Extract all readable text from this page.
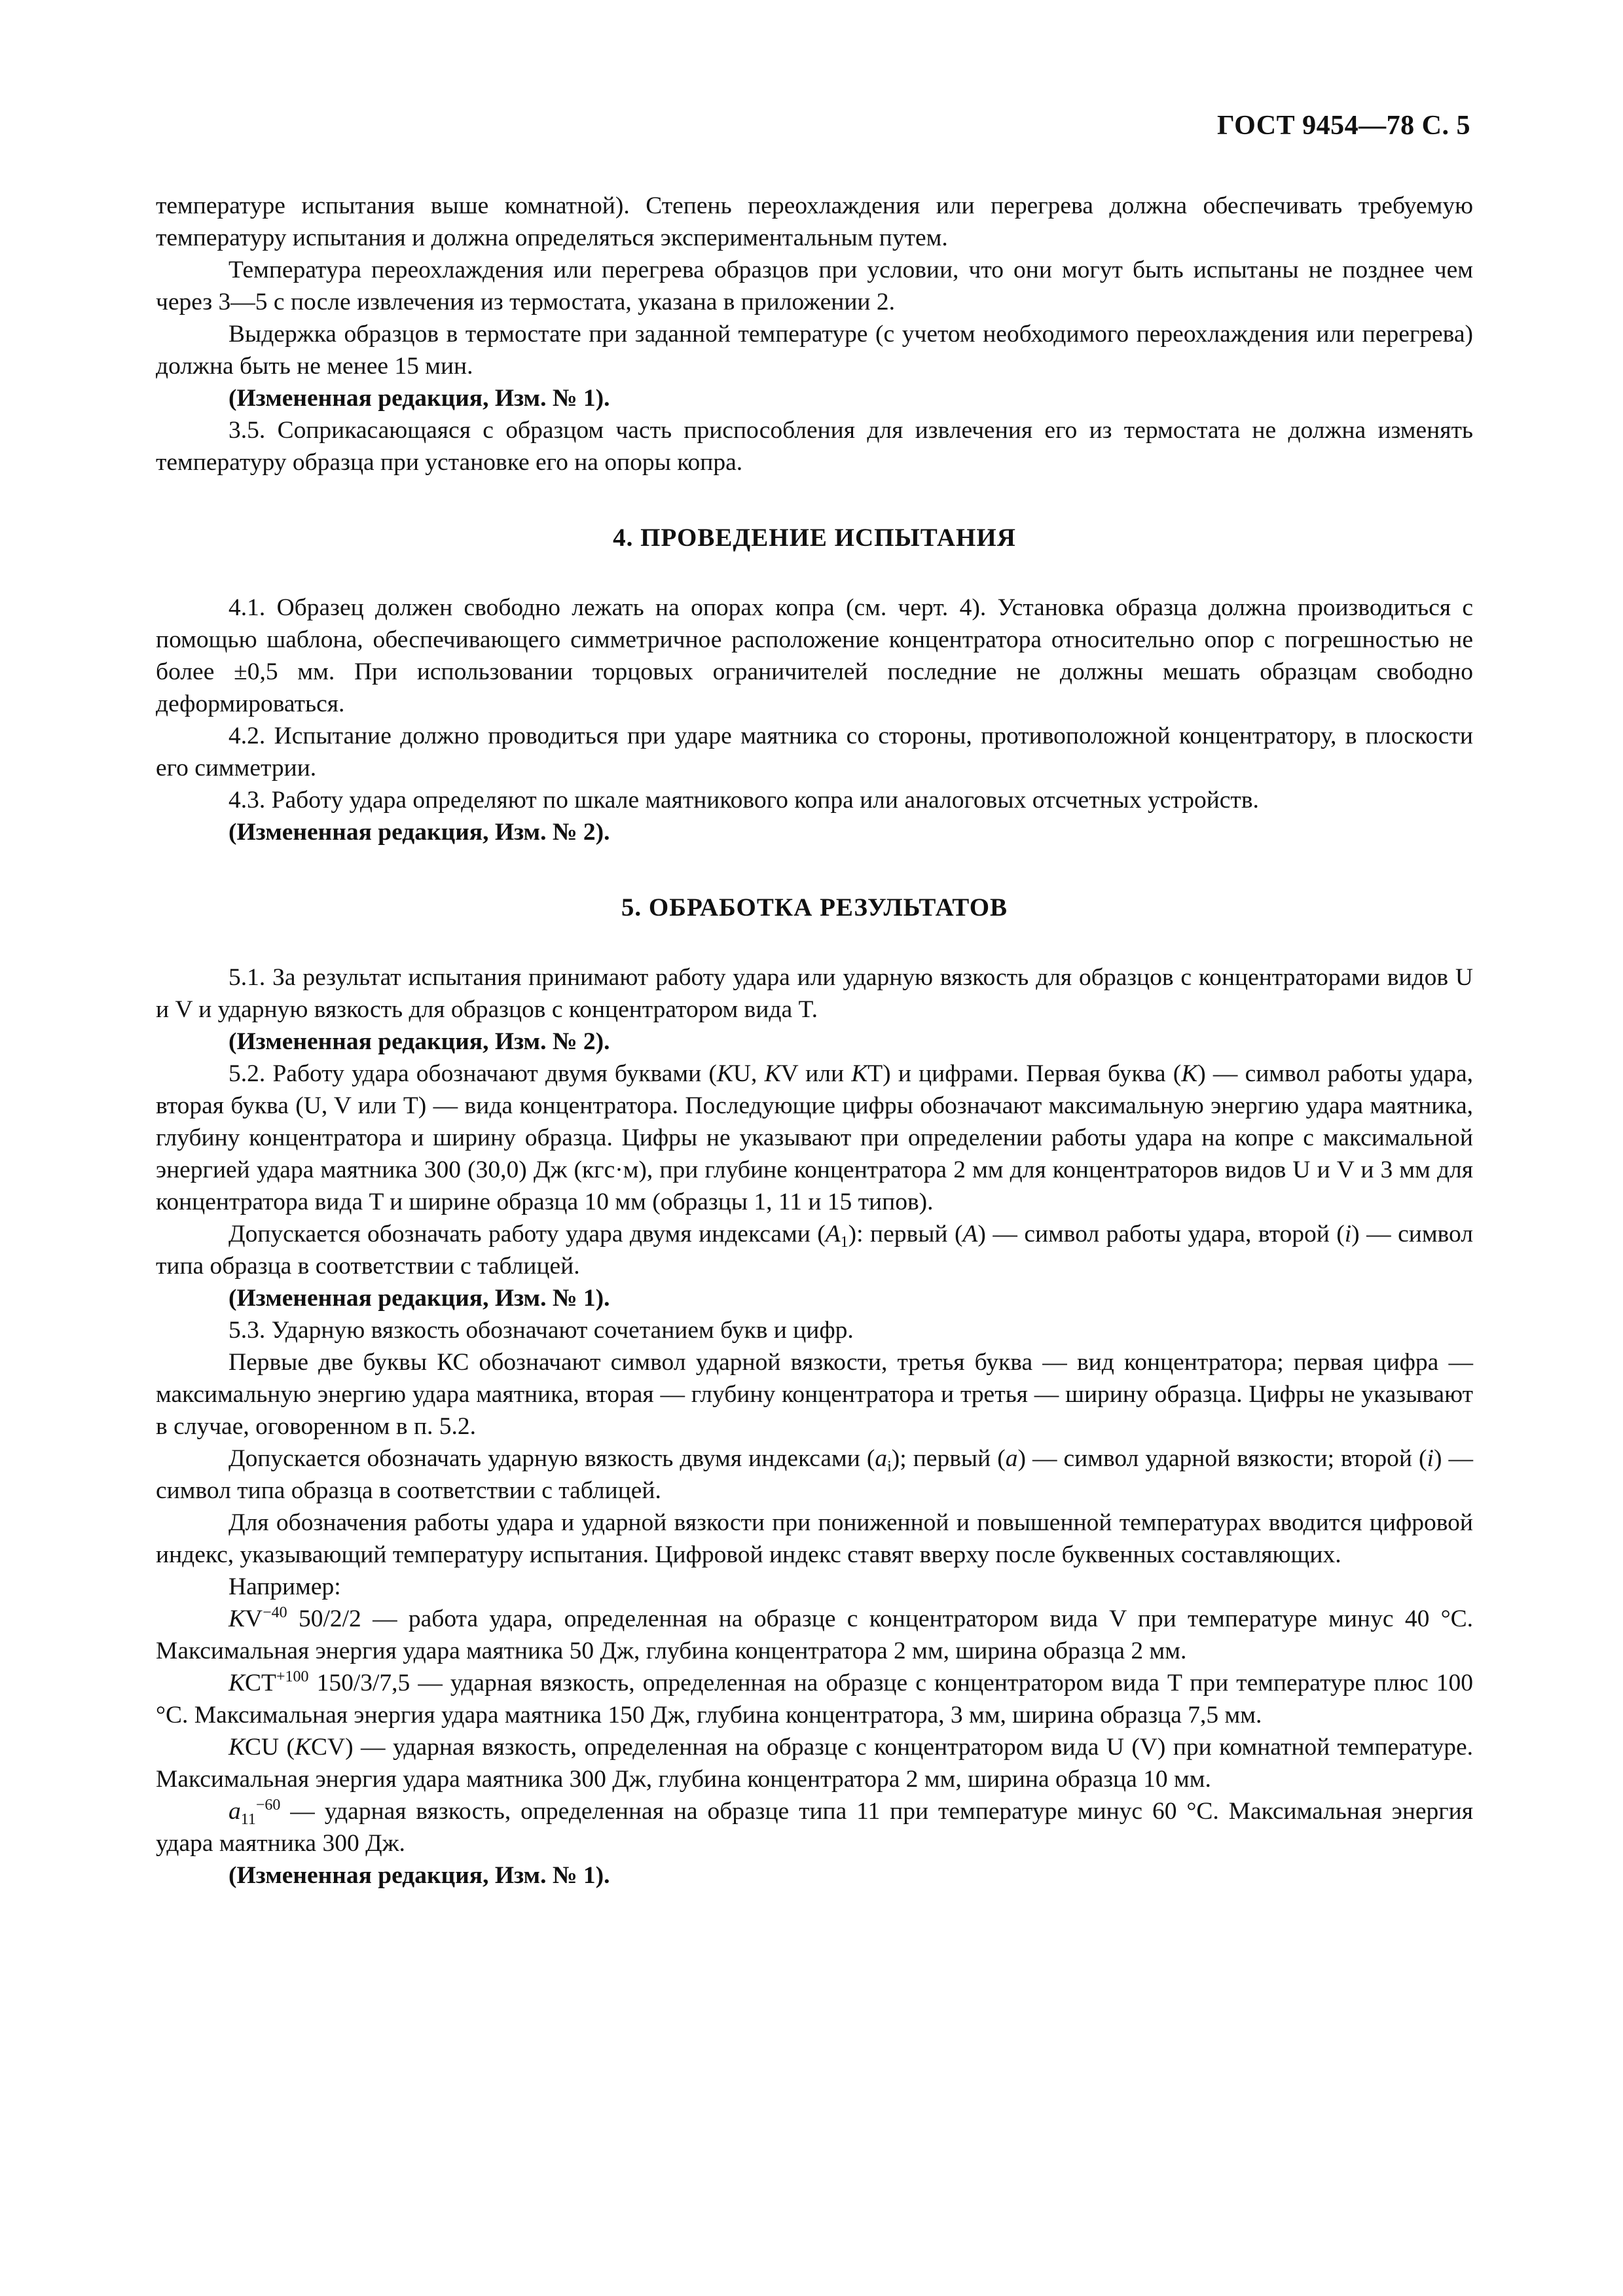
ГОСТ 9454—78 С. 5

температуре испытания выше комнатной). Степень переохлаждения или перегрева должна обеспечивать требуемую температуру испытания и должна определяться экспериментальным путем.

Температура переохлаждения или перегрева образцов при условии, что они могут быть испытаны не позднее чем через 3—5 с после извлечения из термостата, указана в приложении 2.

Выдержка образцов в термостате при заданной температуре (с учетом необходимого переохлаждения или перегрева) должна быть не менее 15 мин.

(Измененная редакция, Изм. № 1).

3.5. Соприкасающаяся с образцом часть приспособления для извлечения его из термостата не должна изменять температуру образца при установке его на опоры копра.

4. ПРОВЕДЕНИЕ ИСПЫТАНИЯ

4.1. Образец должен свободно лежать на опорах копра (см. черт. 4). Установка образца должна производиться с помощью шаблона, обеспечивающего симметричное расположение концентратора относительно опор с погрешностью не более ±0,5 мм. При использовании торцовых ограничителей последние не должны мешать образцам свободно деформироваться.

4.2. Испытание должно проводиться при ударе маятника со стороны, противоположной концентратору, в плоскости его симметрии.

4.3. Работу удара определяют по шкале маятникового копра или аналоговых отсчетных устройств.

(Измененная редакция, Изм. № 2).

5. ОБРАБОТКА РЕЗУЛЬТАТОВ

5.1. За результат испытания принимают работу удара или ударную вязкость для образцов с концентраторами видов U и V и ударную вязкость для образцов с концентратором вида T.

(Измененная редакция, Изм. № 2).

5.2. Работу удара обозначают двумя буквами (KU, KV или KT) и цифрами. Первая буква (K) — символ работы удара, вторая буква (U, V или T) — вида концентратора. Последующие цифры обозначают максимальную энергию удара маятника, глубину концентратора и ширину образца. Цифры не указывают при определении работы удара на копре с максимальной энергией удара маятника 300 (30,0) Дж (кгс·м), при глубине концентратора 2 мм для концентраторов видов U и V и 3 мм для концентратора вида T и ширине образца 10 мм (образцы 1, 11 и 15 типов).

Допускается обозначать работу удара двумя индексами $(A_1)$: первый (A) — символ работы удара, второй (i) — символ типа образца в соответствии с таблицей.

(Измененная редакция, Изм. № 1).

5.3. Ударную вязкость обозначают сочетанием букв и цифр.

Первые две буквы КС обозначают символ ударной вязкости, третья буква — вид концентратора; первая цифра — максимальную энергию удара маятника, вторая — глубину концентратора и третья — ширину образца. Цифры не указывают в случае, оговоренном в п. 5.2.

Допускается обозначать ударную вязкость двумя индексами $(a_i)$; первый (a) — символ ударной вязкости; второй (i) — символ типа образца в соответствии с таблицей.

Для обозначения работы удара и ударной вязкости при пониженной и повышенной температурах вводится цифровой индекс, указывающий температуру испытания. Цифровой индекс ставят вверху после буквенных составляющих.

Например:

$KV^{-40}$ 50/2/2 — работа удара, определенная на образце с концентратором вида V при температуре минус 40 °С. Максимальная энергия удара маятника 50 Дж, глубина концентратора 2 мм, ширина образца 2 мм.

$KCT^{+100}$ 150/3/7,5 — ударная вязкость, определенная на образце с концентратором вида T при температуре плюс 100 °С. Максимальная энергия удара маятника 150 Дж, глубина концентратора, 3 мм, ширина образца 7,5 мм.

KCU (KCV) — ударная вязкость, определенная на образце с концентратором вида U (V) при комнатной температуре. Максимальная энергия удара маятника 300 Дж, глубина концентратора 2 мм, ширина образца 10 мм.

$a_{11}^{-60}$ — ударная вязкость, определенная на образце типа 11 при температуре минус 60 °С. Максимальная энергия удара маятника 300 Дж.

(Измененная редакция, Изм. № 1).
